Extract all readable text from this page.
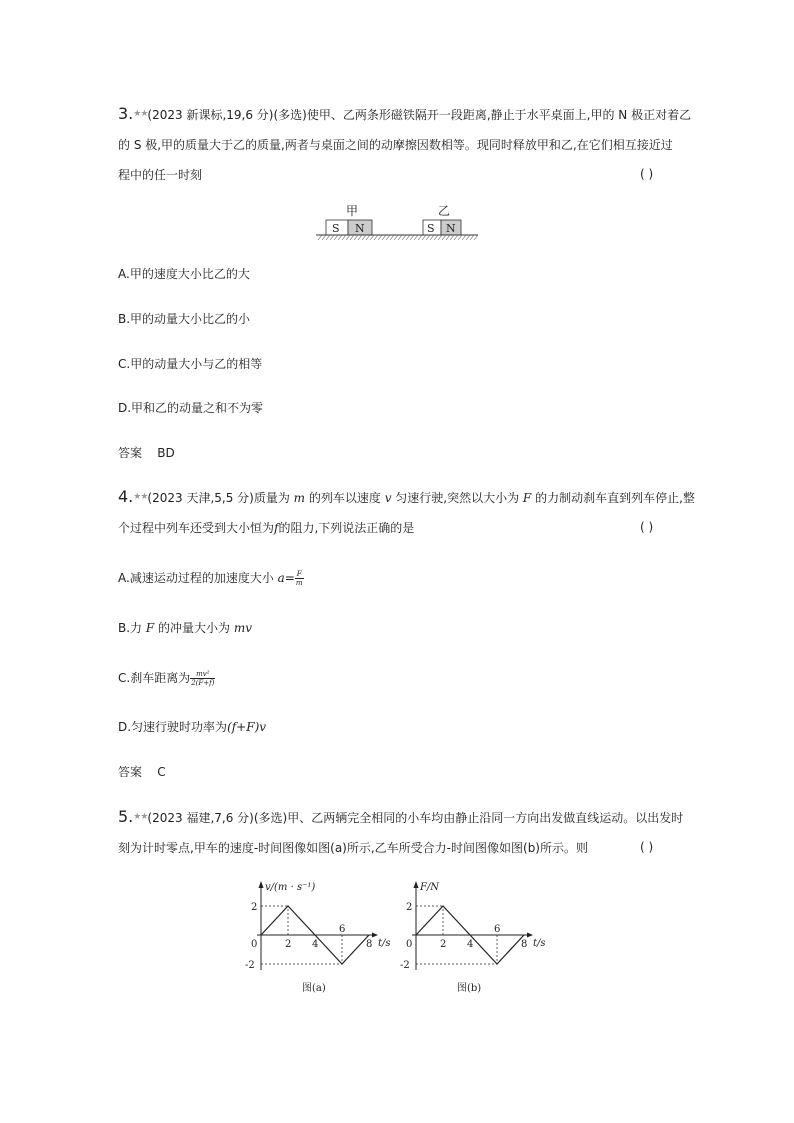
3.★★(2023 新课标,19,6 分)(多选)使甲、乙两条形磁铁隔开一段距离,静止于水平桌面上,甲的 N 极正对着乙
的 S 极,甲的质量大于乙的质量,两者与桌面之间的动摩擦因数相等。现同时释放甲和乙,在它们相互接近过
程中的任一时刻	( )
甲	乙
S N	S N
A.甲的速度大小比乙的大
B.甲的动量大小比乙的小
C.甲的动量大小与乙的相等
D.甲和乙的动量之和不为零
答案 BD
4.★★(2023 天津,5,5 分)质量为 m 的列车以速度 v 匀速行驶,突然以大小为 F 的力制动刹车直到列车停止,整
个过程中列车还受到大小恒为f的阻力,下列说法正确的是	( )
A.减速运动过程的加速度大小 $a= \frac{F}{m}$
B.力 F 的冲量大小为 mv
C.刹车距离为 $\frac{\text{mv²}}{2(F+f)}$
D.匀速行驶时功率为(f+F)v
答案 C
5.★★(2023 福建,7,6 分)(多选)甲、乙两辆完全相同的小车均由静止沿同一方向出发做直线运动。以出发时
刻为计时零点,甲车的速度-时间图像如图(a)所示,乙车所受合力-时间图像如图(b)所示。则	( )
v/(m · s⁻¹)
t/s
图(a)
0	2 4
6
8
2
-2
F/N
t/s
图(b)
0	2 4
6
8
2
-2
